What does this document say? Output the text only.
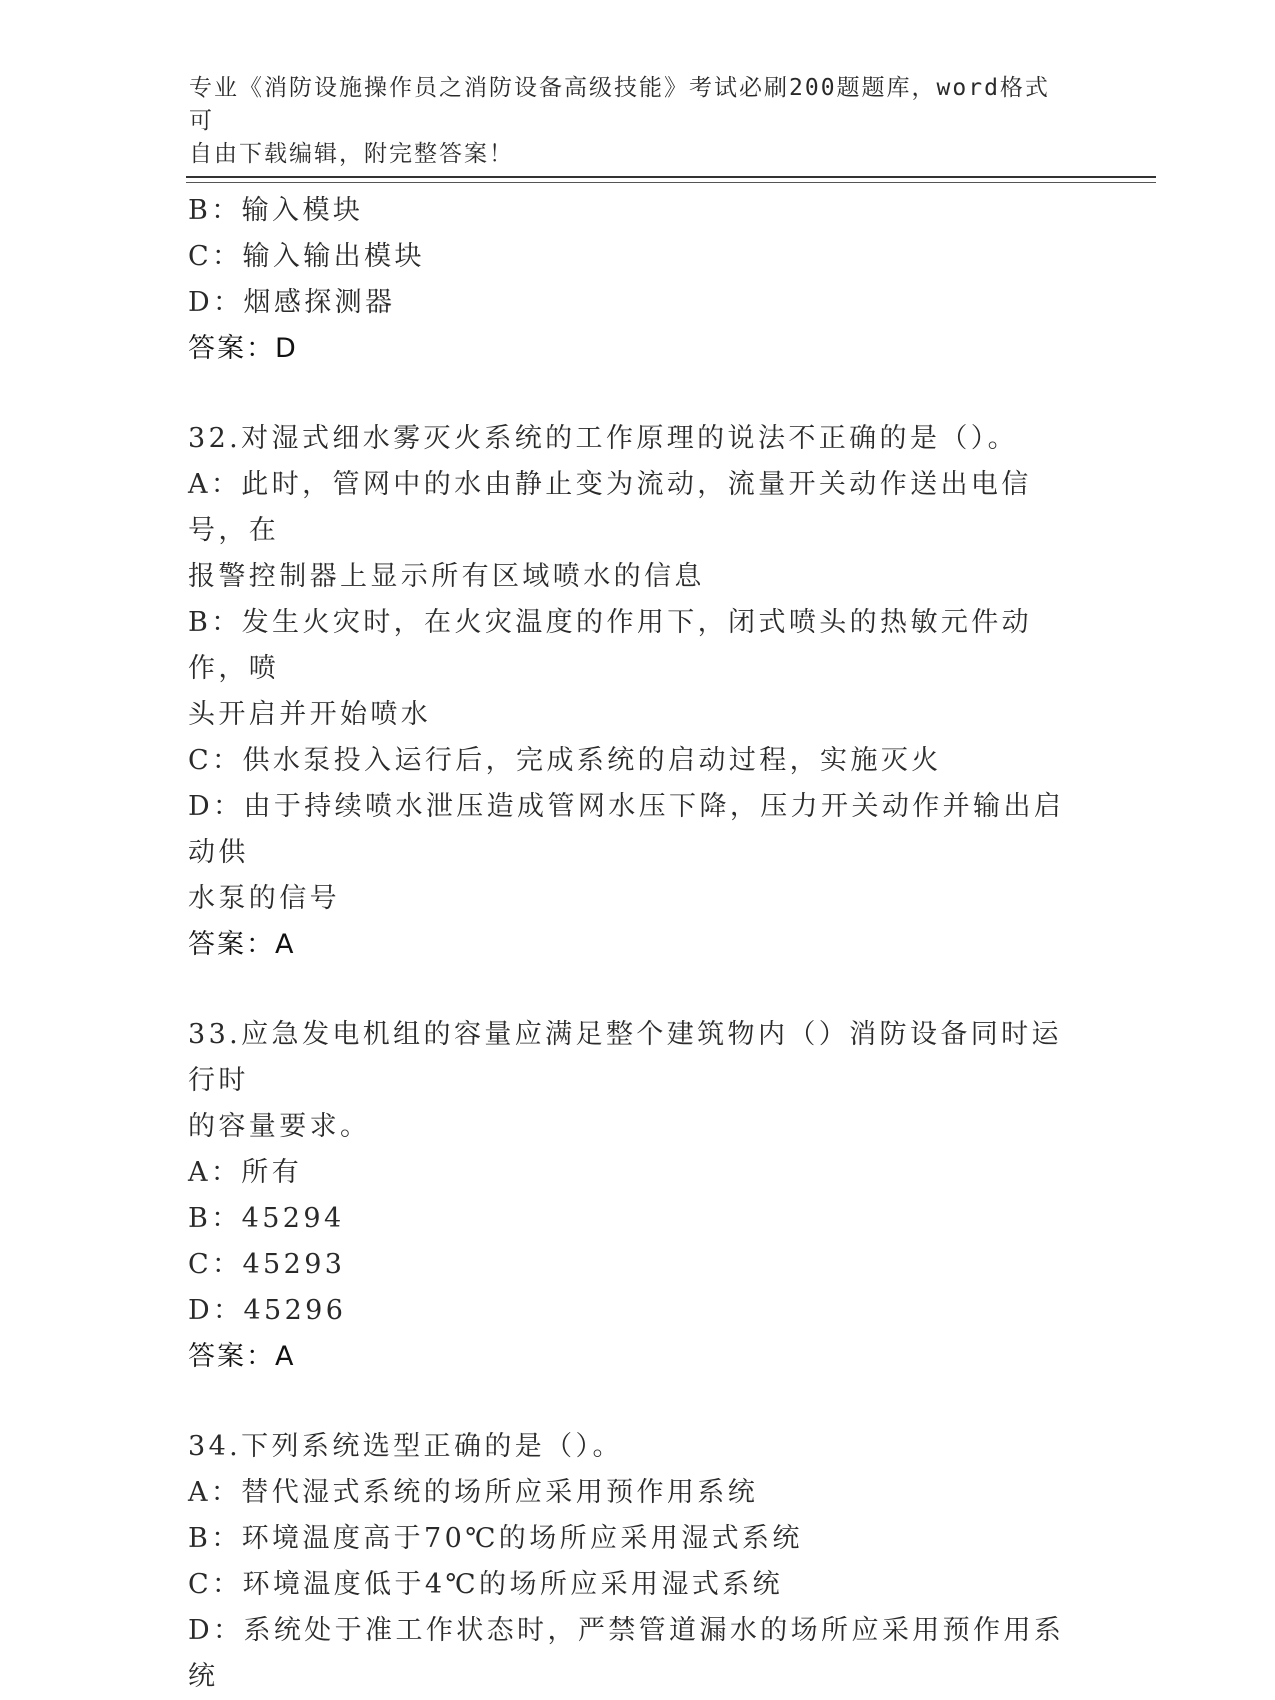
专业《消防设施操作员之消防设备高级技能》考试必刷200题题库，word格式可
自由下载编辑，附完整答案！
B：输入模块
C：输入输出模块
D：烟感探测器
答案：D
32.对湿式细水雾灭火系统的工作原理的说法不正确的是（）。
A：此时，管网中的水由静止变为流动，流量开关动作送出电信号，在
报警控制器上显示所有区域喷水的信息
B：发生火灾时，在火灾温度的作用下，闭式喷头的热敏元件动作，喷
头开启并开始喷水
C：供水泵投入运行后，完成系统的启动过程，实施灭火
D：由于持续喷水泄压造成管网水压下降，压力开关动作并输出启动供
水泵的信号
答案：A
33.应急发电机组的容量应满足整个建筑物内（）消防设备同时运行时
的容量要求。
A：所有
B：45294
C：45293
D：45296
答案：A
34.下列系统选型正确的是（）。
A：替代湿式系统的场所应采用预作用系统
B：环境温度高于70℃的场所应采用湿式系统
C：环境温度低于4℃的场所应采用湿式系统
D：系统处于准工作状态时，严禁管道漏水的场所应采用预作用系统
